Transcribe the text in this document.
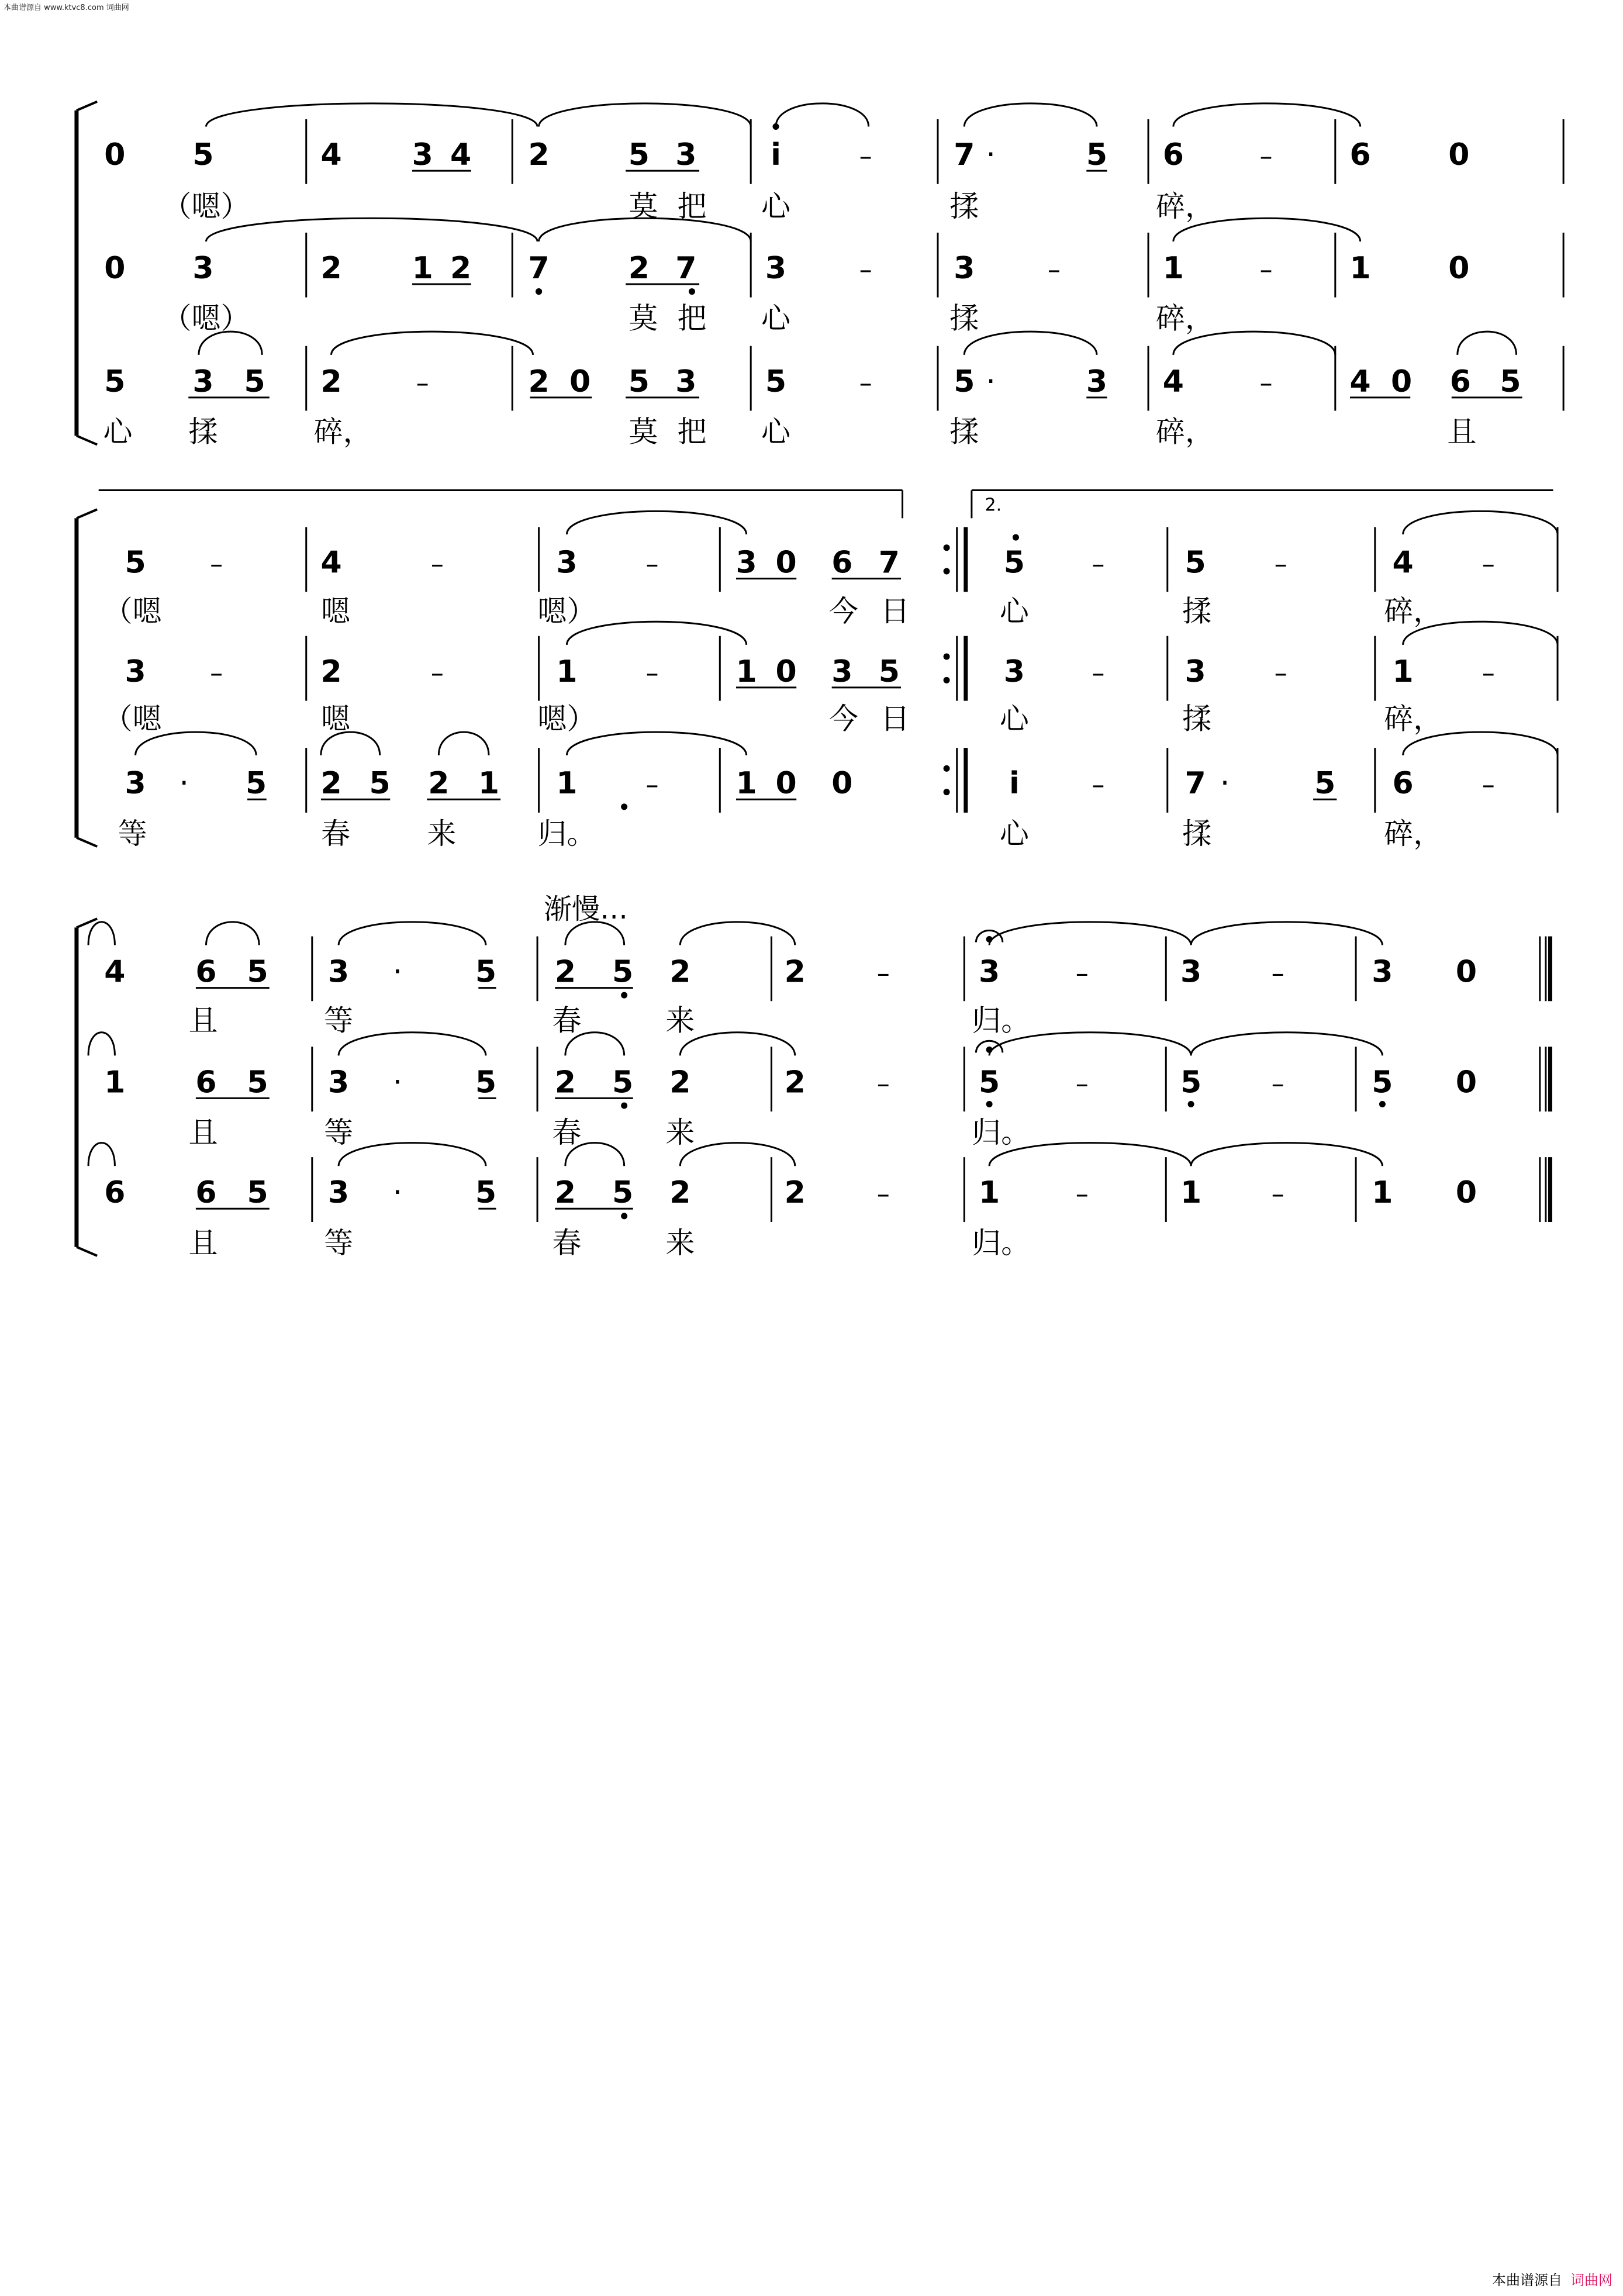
本曲谱源自 www.ktvc8.com 词曲网
2.
渐慢…
0 5	4 3 4 2	5 3 i	–	7 ·	5 6	–	6	0
（嗯）	莫 把 心	揉	碎，
0 3	2 1 2 7	2 7 3	–	3	–	1	–	1	0
（嗯）	莫 把 心	揉	碎，
5 3 5 2	–	2 0 5 3 5	–	5 ·	3 4	–	4 0 6 5
心 揉	碎，	莫 把 心	揉	碎，	且
5 –	4	–	3	–	3 0 6 7	5	–	5	–	4	–
（嗯	嗯	嗯）	今 日	心	揉	碎，
3 –	2	–	1	–	1 0 3 5	3	–	3	–	1	–
（嗯	嗯	嗯）	今 日	心	揉	碎，
3 · 5 2 5 2 1 1	–	1 0 0	i	–	7 ·	5 6	–
等	春	来	归。	心	揉	碎，
4 6 5 3 · 5 2 5 2	2	–	3	–	3	–	3 0
且	等	春	来	归。
1 6 5 3 · 5 2 5 2	2	–	5	–	5	–	5 0
且	等	春	来	归。
6 6 5 3 · 5 2 5 2	2	–	1	–	1	–	1 0
且	等	春	来	归。
本曲谱源自 词曲网
